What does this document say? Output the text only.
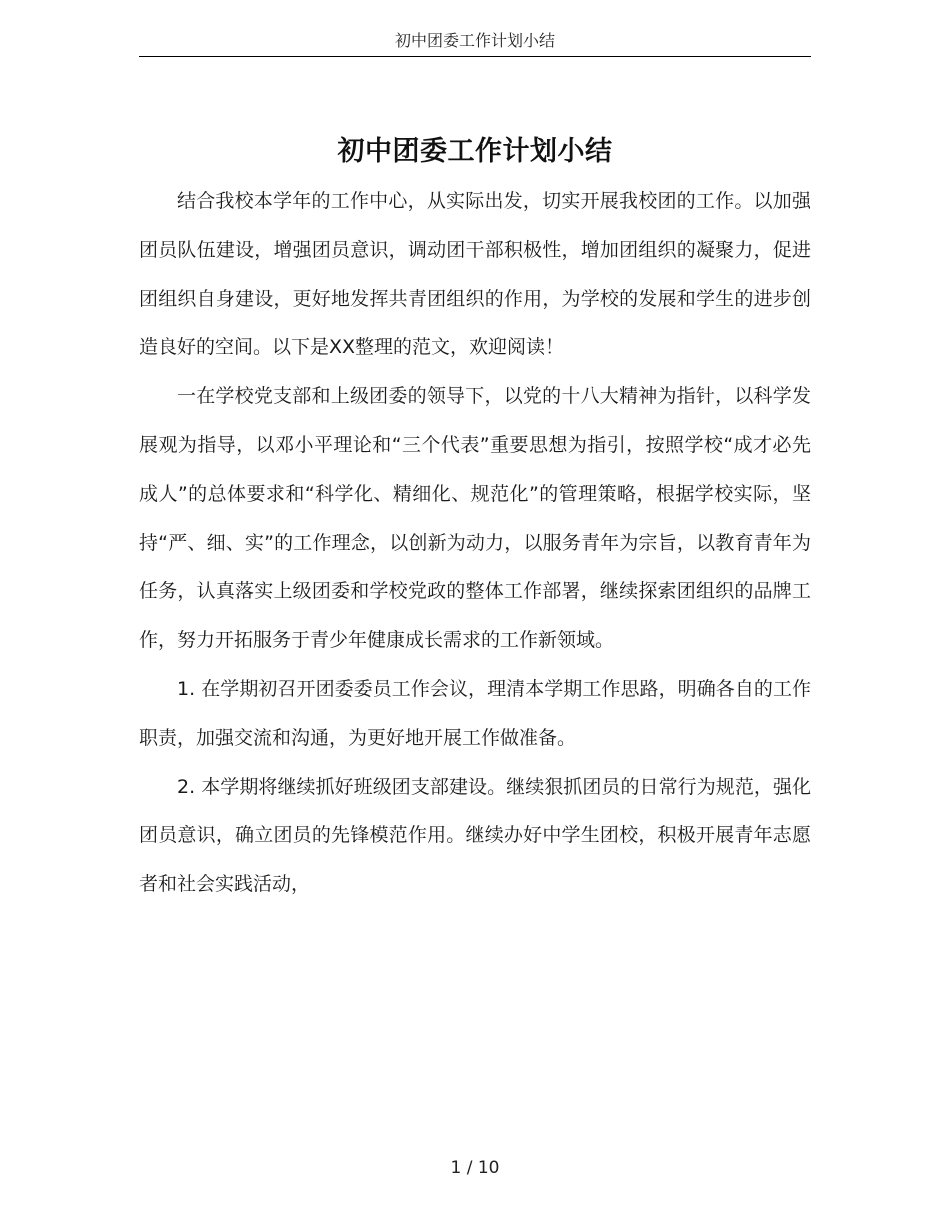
初中团委工作计划小结
初中团委工作计划小结

结合我校本学年的工作中心，从实际出发，切实开展我校团的工作。以加强团员队伍建设，增强团员意识，调动团干部积极性，增加团组织的凝聚力，促进团组织自身建设，更好地发挥共青团组织的作用，为学校的发展和学生的进步创造良好的空间。以下是XX整理的范文，欢迎阅读！

一在学校党支部和上级团委的领导下，以党的十八大精神为指针，以科学发展观为指导，以邓小平理论和“三个代表”重要思想为指引，按照学校“成才必先成人”的总体要求和“科学化、精细化、规范化”的管理策略，根据学校实际，坚持“严、细、实”的工作理念，以创新为动力，以服务青年为宗旨，以教育青年为任务，认真落实上级团委和学校党政的整体工作部署，继续探索团组织的品牌工作，努力开拓服务于青少年健康成长需求的工作新领域。

1. 在学期初召开团委委员工作会议，理清本学期工作思路，明确各自的工作职责，加强交流和沟通，为更好地开展工作做准备。

2. 本学期将继续抓好班级团支部建设。继续狠抓团员的日常行为规范，强化团员意识，确立团员的先锋模范作用。继续办好中学生团校，积极开展青年志愿者和社会实践活动，

1 / 10
